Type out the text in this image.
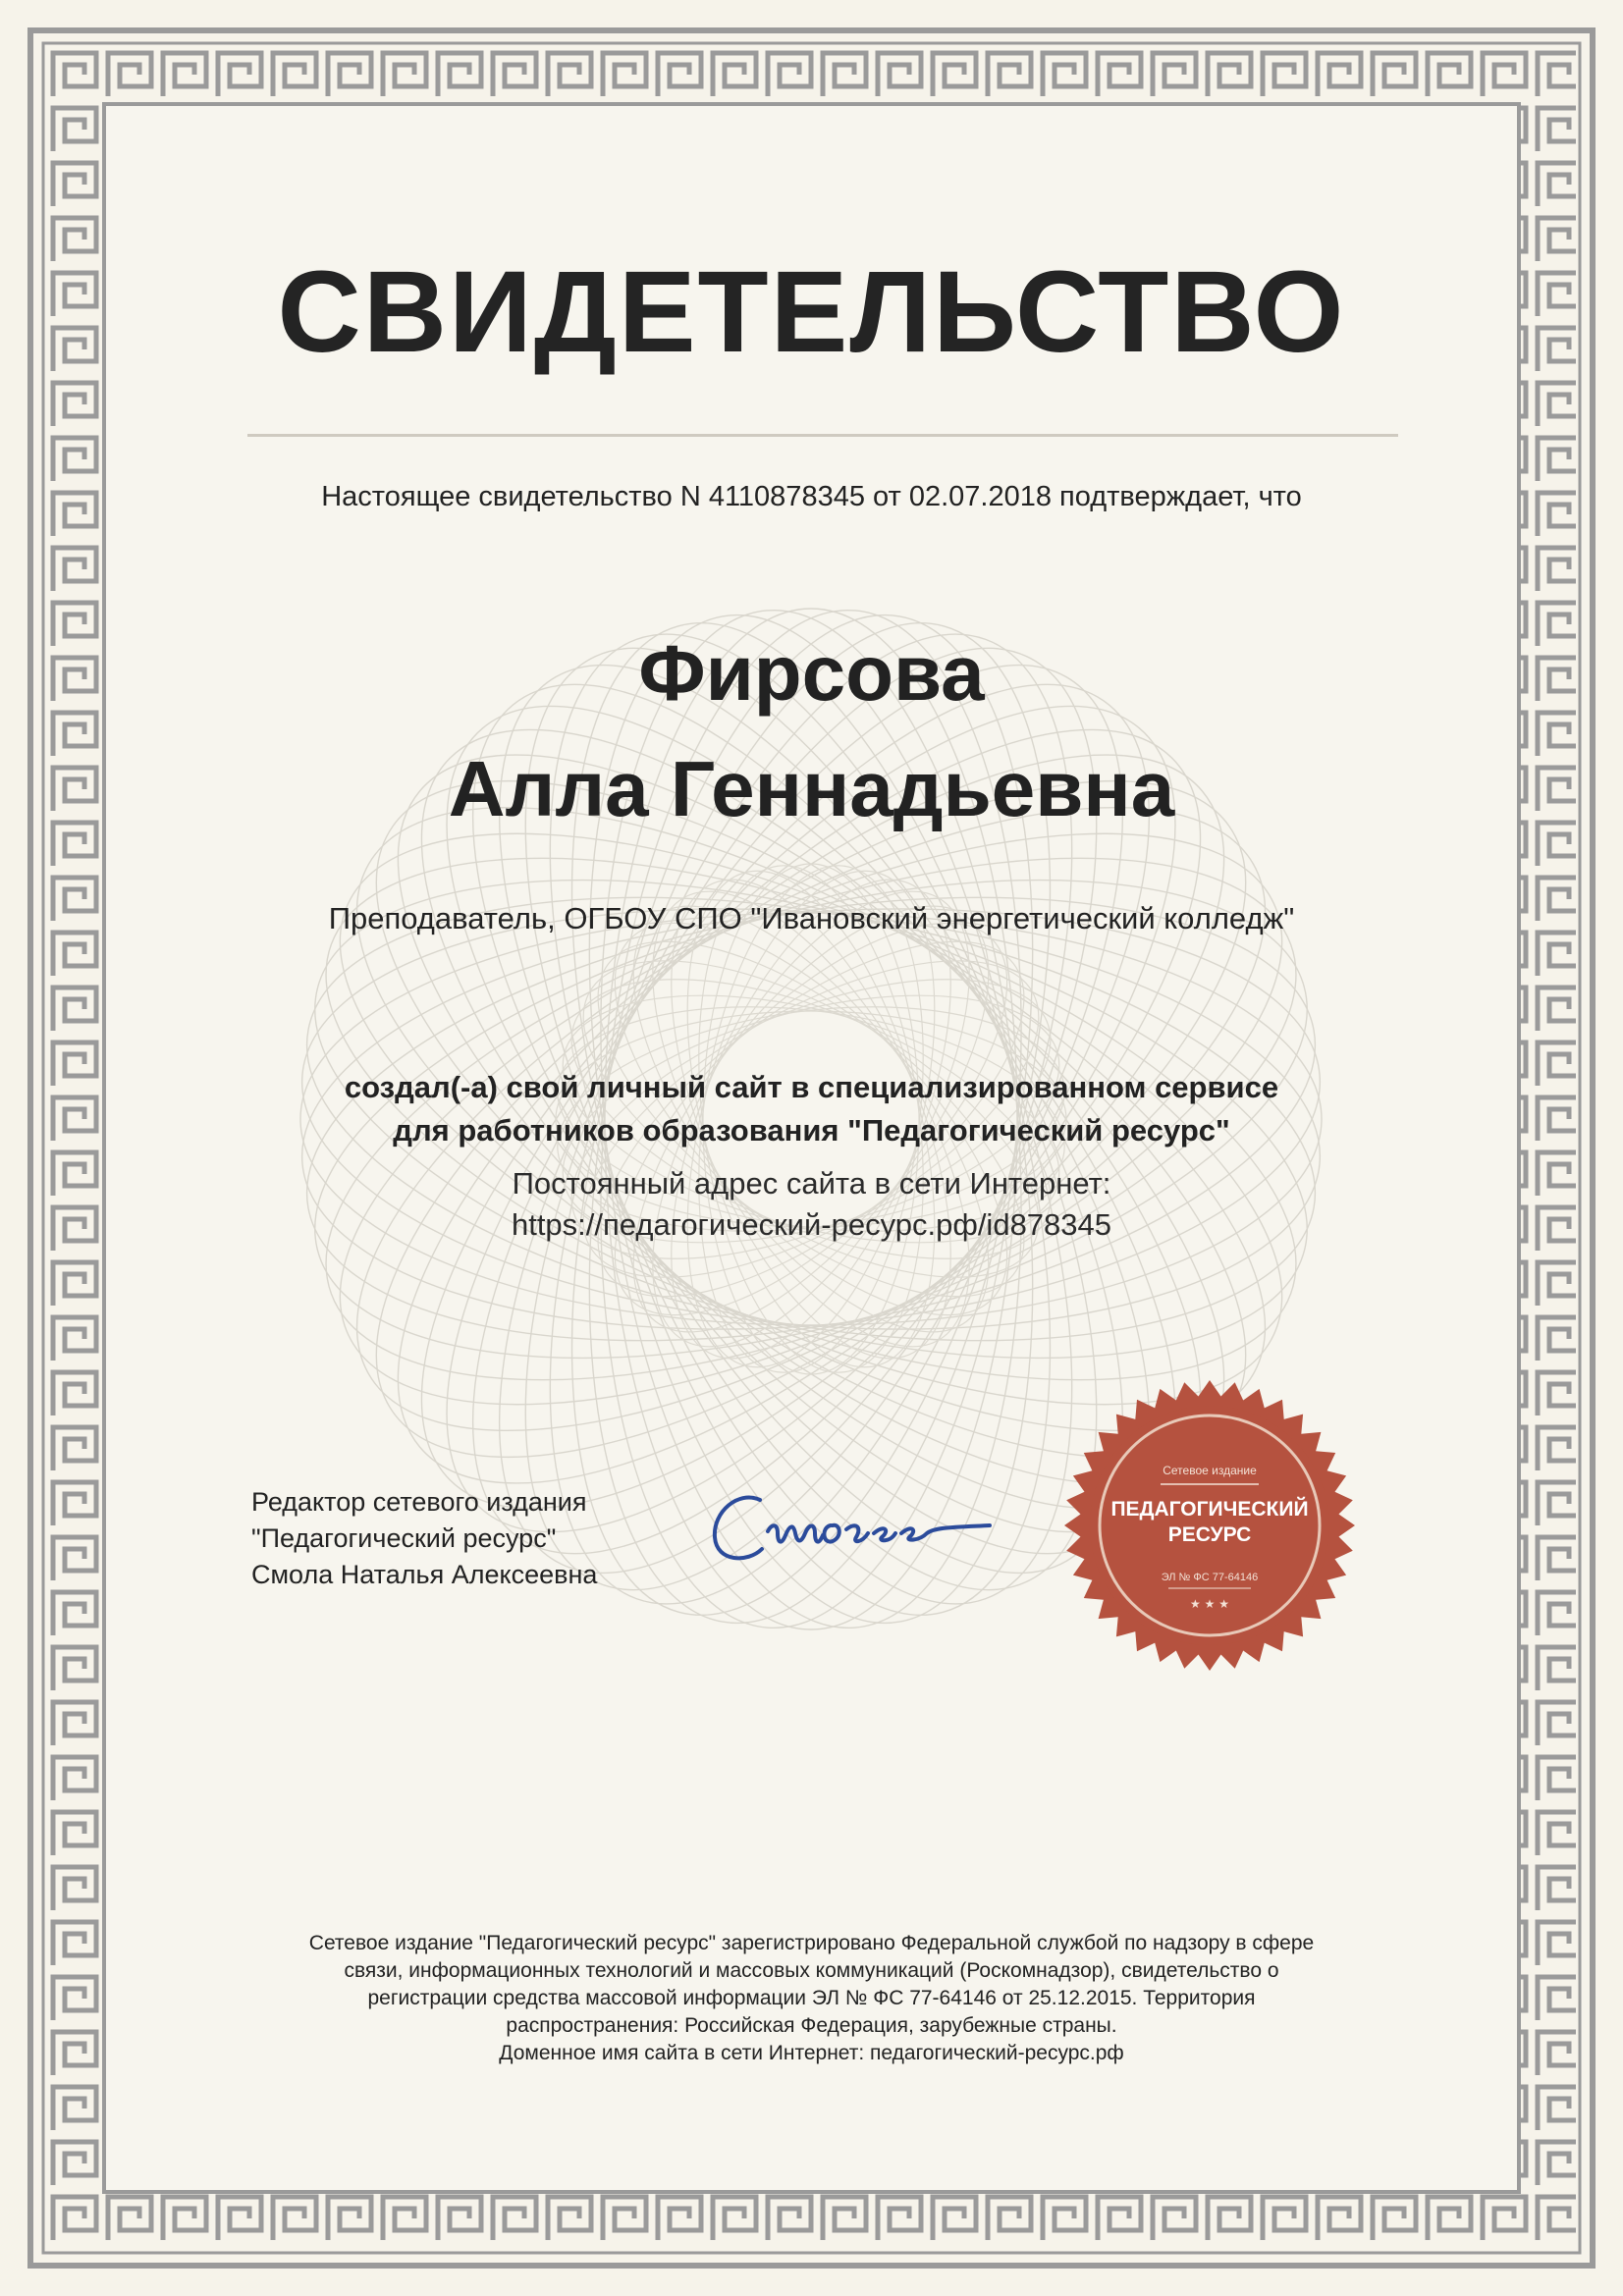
СВИДЕТЕЛЬСТВО
Настоящее свидетельство N 4110878345 от 02.07.2018 подтверждает, что
Фирсова
Алла Геннадьевна
Преподаватель, ОГБОУ СПО "Ивановский энергетический колледж"
создал(-а) свой личный сайт в специализированном сервисе
для работников образования "Педагогический ресурс"
Постоянный адрес сайта в сети Интернет:
https://педагогический-ресурс.рф/id878345
Редактор сетевого издания
"Педагогический ресурс"
Смола Наталья Алексеевна
Сетевое издание
ПЕДАГОГИЧЕСКИЙ
РЕСУРС
ЭЛ № ФС 77-64146
★ ★ ★
Сетевое издание "Педагогический ресурс" зарегистрировано Федеральной службой по надзору в сфере
связи, информационных технологий и массовых коммуникаций (Роскомнадзор), свидетельство о
регистрации средства массовой информации ЭЛ № ФС 77-64146 от 25.12.2015. Территория
распространения: Российская Федерация, зарубежные страны.
Доменное имя сайта в сети Интернет: педагогический-ресурс.рф
